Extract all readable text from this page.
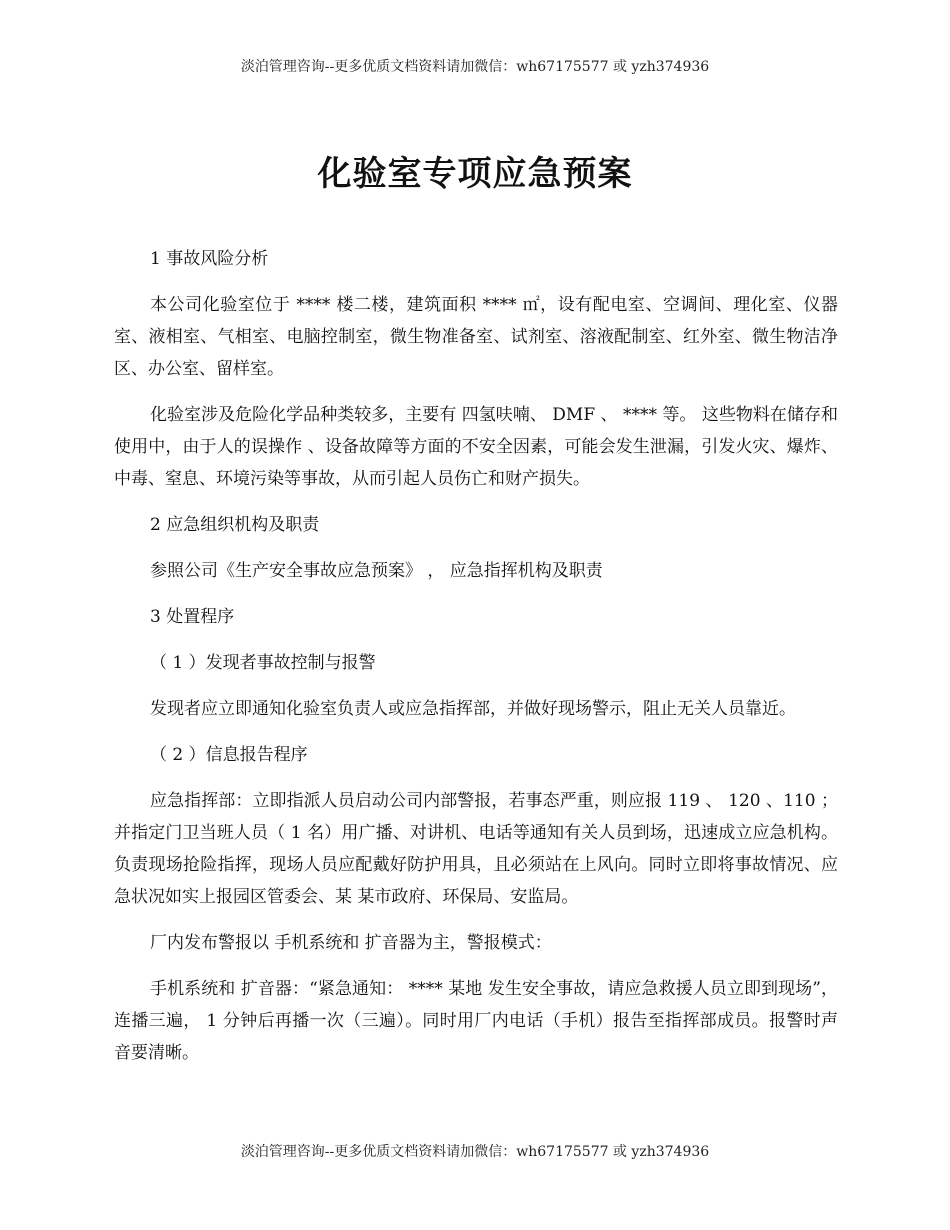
淡泊管理咨询--更多优质文档资料请加微信：wh67175577 或 yzh374936
化验室专项应急预案

1 事故风险分析

本公司化验室位于 **** 楼二楼，建筑面积 **** ㎡，设有配电室、空调间、理化室、仪器室、液相室、气相室、电脑控制室，微生物准备室、试剂室、溶液配制室、红外室、微生物洁净区、办公室、留样室。

化验室涉及危险化学品种类较多，主要有 四氢呋喃、 DMF 、 **** 等。 这些物料在储存和使用中，由于人的误操作 、设备故障等方面的不安全因素，可能会发生泄漏，引发火灾、爆炸、中毒、窒息、环境污染等事故，从而引起人员伤亡和财产损失。

2 应急组织机构及职责

参照公司《生产安全事故应急预案》 ， 应急指挥机构及职责

3 处置程序

（ 1 ）发现者事故控制与报警

发现者应立即通知化验室负责人或应急指挥部，并做好现场警示，阻止无关人员靠近。

（ 2 ）信息报告程序

应急指挥部：立即指派人员启动公司内部警报，若事态严重，则应报 119 、 120 、110 ；并指定门卫当班人员（ 1 名）用广播、对讲机、电话等通知有关人员到场，迅速成立应急机构。负责现场抢险指挥，现场人员应配戴好防护用具，且必须站在上风向。同时立即将事故情况、应急状况如实上报园区管委会、某 某市政府、环保局、安监局。

厂内发布警报以 手机系统和 扩音器为主，警报模式：

手机系统和 扩音器：“紧急通知： **** 某地 发生安全事故，请应急救援人员立即到现场”，连播三遍， 1 分钟后再播一次（三遍）。同时用厂内电话（手机）报告至指挥部成员。报警时声音要清晰。

淡泊管理咨询--更多优质文档资料请加微信：wh67175577 或 yzh374936
